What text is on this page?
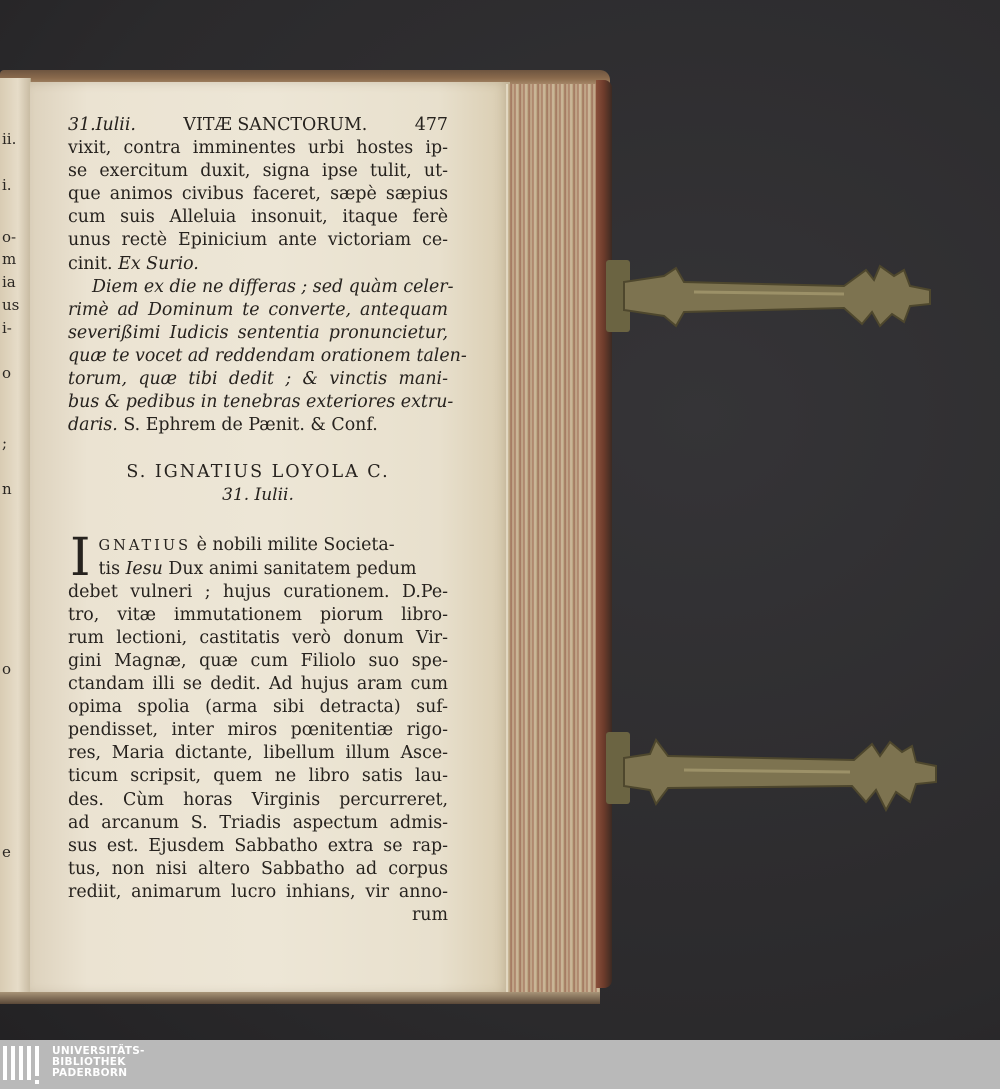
ii.
i.
o-
m
ia
us
i-
o
;
n
o
e
31.Iulii.	VITÆ SANCTORUM.	477
vixit, contra imminentes urbi hostes ip-
se exercitum duxit, signa ipse tulit, ut-
que animos civibus faceret, sæpè sæpius
cum suis Alleluia insonuit, itaque ferè
unus rectè Epinicium ante victoriam ce-
cinit. Ex Surio.
Diem ex die ne differas ; sed quàm celer-
rimè ad Dominum te converte, antequam
severißimi Iudicis sententia pronuncietur,
quæ te vocet ad reddendam orationem talen-
torum, quæ tibi dedit ; & vinctis mani-
bus & pedibus in tenebras exteriores extru-
daris. S. Ephrem de Pænit. & Conf.
S. IGNATIUS LOYOLA C.
31. Iulii.
I GNATIUS è nobili milite Societa-
tis Iesu Dux animi sanitatem pedum
debet vulneri ; hujus curationem. D.Pe-
tro, vitæ immutationem piorum libro-
rum lectioni, castitatis verò donum Vir-
gini Magnæ, quæ cum Filiolo suo spe-
ctandam illi se dedit. Ad hujus aram cum
opima spolia (arma sibi detracta) suf-
pendisset, inter miros pœnitentiæ rigo-
res, Maria dictante, libellum illum Asce-
ticum scripsit, quem ne libro satis lau-
des. Cùm horas Virginis percurreret,
ad arcanum S. Triadis aspectum admis-
sus est. Ejusdem Sabbatho extra se rap-
tus, non nisi altero Sabbatho ad corpus
rediit, animarum lucro inhians, vir anno-
rum
UNIVERSITÄTS-
BIBLIOTHEK
PADERBORN
